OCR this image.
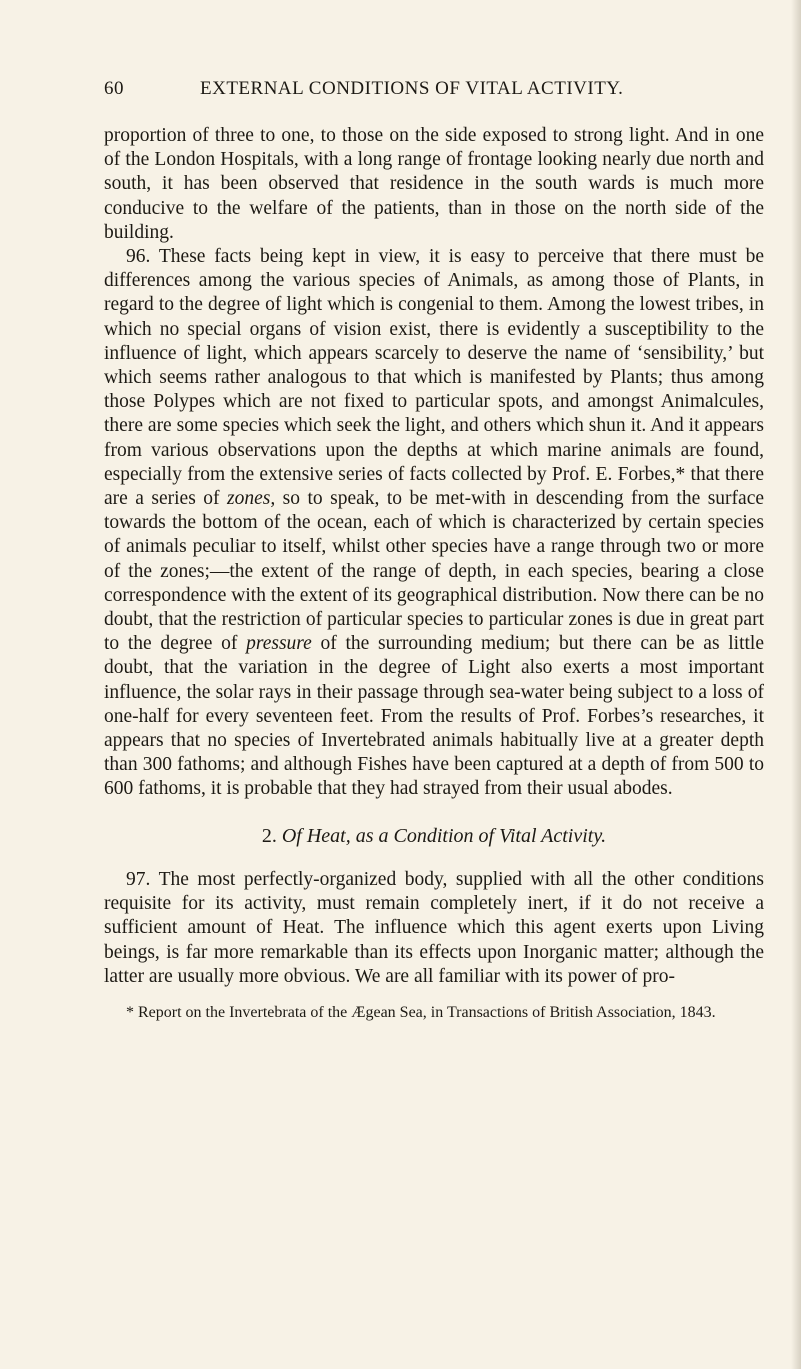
60	EXTERNAL CONDITIONS OF VITAL ACTIVITY.

proportion of three to one, to those on the side exposed to strong light. And in one of the London Hospitals, with a long range of frontage looking nearly due north and south, it has been observed that residence in the south wards is much more conducive to the welfare of the patients, than in those on the north side of the building.

96. These facts being kept in view, it is easy to perceive that there must be differences among the various species of Animals, as among those of Plants, in regard to the degree of light which is congenial to them. Among the lowest tribes, in which no special organs of vision exist, there is evidently a susceptibility to the influence of light, which appears scarcely to deserve the name of ‘sensibility,’ but which seems rather analogous to that which is manifested by Plants; thus among those Polypes which are not fixed to particular spots, and amongst Animalcules, there are some species which seek the light, and others which shun it. And it appears from various observations upon the depths at which marine animals are found, especially from the extensive series of facts collected by Prof. E. Forbes,* that there are a series of zones, so to speak, to be met-with in descending from the surface towards the bottom of the ocean, each of which is characterized by certain species of animals peculiar to itself, whilst other species have a range through two or more of the zones;—the extent of the range of depth, in each species, bearing a close correspondence with the extent of its geographical distribution. Now there can be no doubt, that the restriction of particular species to particular zones is due in great part to the degree of pressure of the surrounding medium; but there can be as little doubt, that the variation in the degree of Light also exerts a most important influence, the solar rays in their passage through sea-water being subject to a loss of one-half for every seventeen feet. From the results of Prof. Forbes’s researches, it appears that no species of Invertebrated animals habitually live at a greater depth than 300 fathoms; and although Fishes have been captured at a depth of from 500 to 600 fathoms, it is probable that they had strayed from their usual abodes.

2. Of Heat, as a Condition of Vital Activity.

97. The most perfectly-organized body, supplied with all the other conditions requisite for its activity, must remain completely inert, if it do not receive a sufficient amount of Heat. The influence which this agent exerts upon Living beings, is far more remarkable than its effects upon Inorganic matter; although the latter are usually more obvious. We are all familiar with its power of pro-

* Report on the Invertebrata of the Ægean Sea, in Transactions of British Association, 1843.
